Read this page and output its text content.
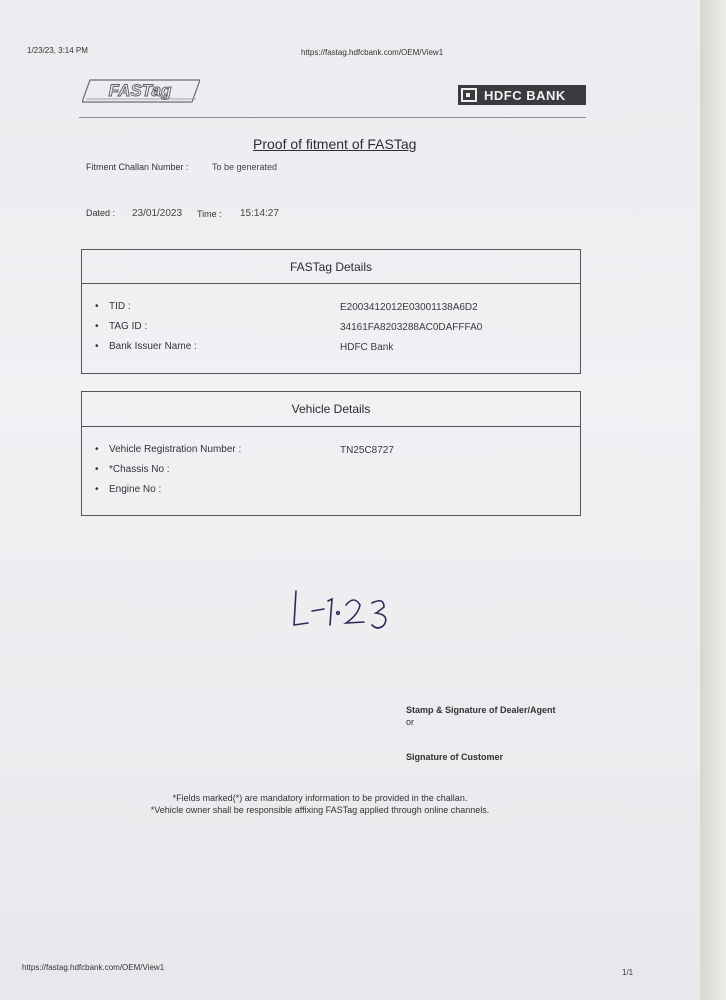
1/23/23, 3:14 PM	https://fastag.hdfcbank.com/OEM/View1
FASTag	HDFC BANK
Proof of fitment of FASTag
Fitment Challan Number :	To be generated
Dated : 23/01/2023 Time : 15:14:27
FASTag Details
• TID :	E2003412012E03001138A6D2
• TAG ID :	34161FA8203288AC0DAFFFA0
• Bank Issuer Name :	HDFC Bank
Vehicle Details
• Vehicle Registration Number :	TN25C8727
• *Chassis No :
• Engine No :
L-1-23
Stamp & Signature of Dealer/Agent
or
Signature of Customer
*Fields marked(*) are mandatory information to be provided in the challan.
*Vehicle owner shall be responsible affixing FASTag applied through online channels.
https://fastag.hdfcbank.com/OEM/View1
1/1
